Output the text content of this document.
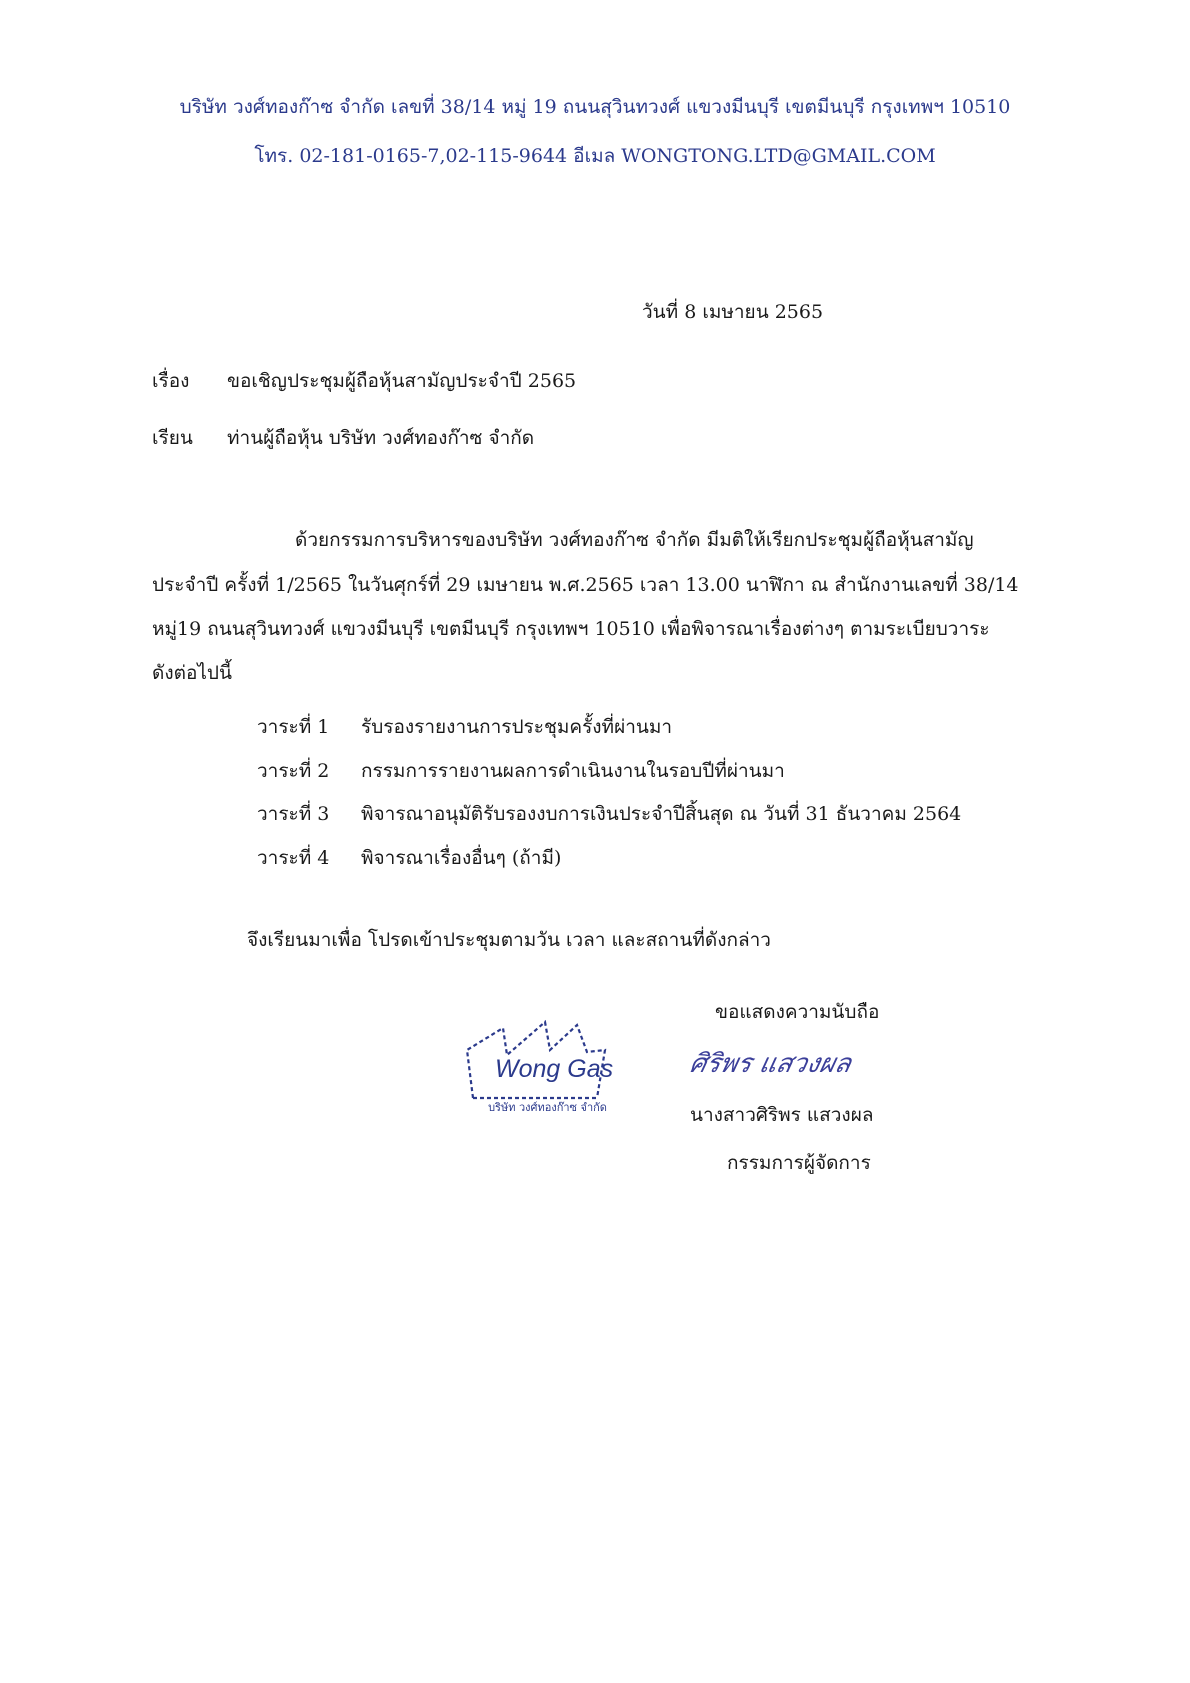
บริษัท วงศ์ทองก๊าซ จำกัด เลขที่ 38/14 หมู่ 19 ถนนสุวินทวงศ์ แขวงมีนบุรี เขตมีนบุรี กรุงเทพฯ 10510
โทร. 02-181-0165-7,02-115-9644 อีเมล WONGTONG.LTD@GMAIL.COM
วันที่ 8 เมษายน 2565
เรื่อง ขอเชิญประชุมผู้ถือหุ้นสามัญประจำปี 2565
เรียน ท่านผู้ถือหุ้น บริษัท วงศ์ทองก๊าซ จำกัด
ด้วยกรรมการบริหารของบริษัท วงศ์ทองก๊าซ จำกัด มีมติให้เรียกประชุมผู้ถือหุ้นสามัญ
ประจำปี ครั้งที่ 1/2565 ในวันศุกร์ที่ 29 เมษายน พ.ศ.2565 เวลา 13.00 นาฬิกา ณ สำนักงานเลขที่ 38/14
หมู่19 ถนนสุวินทวงศ์ แขวงมีนบุรี เขตมีนบุรี กรุงเทพฯ 10510 เพื่อพิจารณาเรื่องต่างๆ ตามระเบียบวาระ
ดังต่อไปนี้
วาระที่ 1 รับรองรายงานการประชุมครั้งที่ผ่านมา
วาระที่ 2 กรรมการรายงานผลการดำเนินงานในรอบปีที่ผ่านมา
วาระที่ 3 พิจารณาอนุมัติรับรองงบการเงินประจำปีสิ้นสุด ณ วันที่ 31 ธันวาคม 2564
วาระที่ 4 พิจารณาเรื่องอื่นๆ (ถ้ามี)
จึงเรียนมาเพื่อ โปรดเข้าประชุมตามวัน เวลา และสถานที่ดังกล่าว
ขอแสดงความนับถือ
Wong Gas
บริษัท วงศ์ทองก๊าซ จำกัด
ศิริพร แสวงผล
นางสาวศิริพร แสวงผล
กรรมการผู้จัดการ
